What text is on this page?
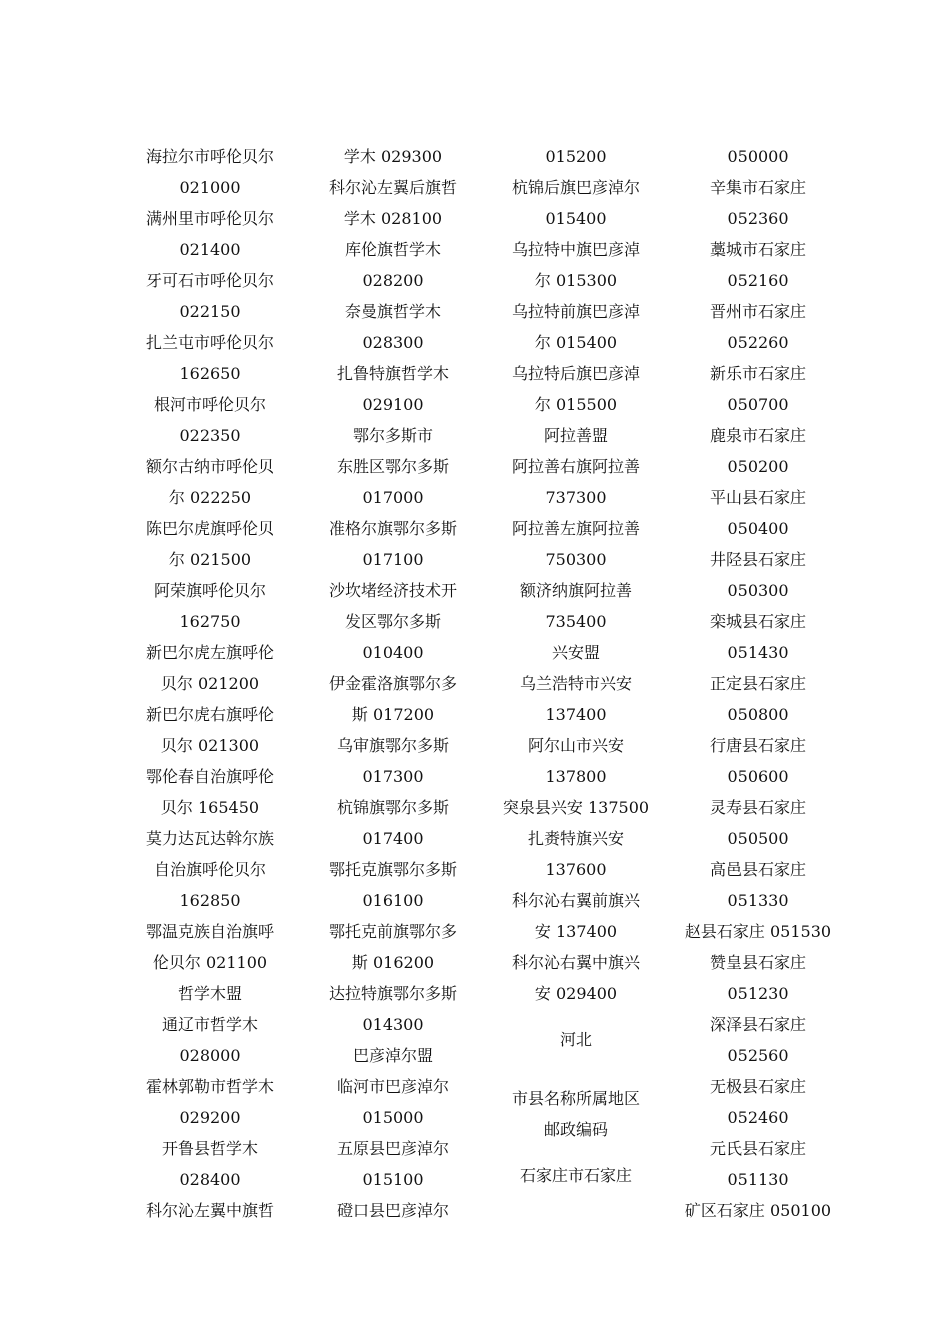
海拉尔市呼伦贝尔
021000
满州里市呼伦贝尔
021400
牙可石市呼伦贝尔
022150
扎兰屯市呼伦贝尔
162650
根河市呼伦贝尔
022350
额尔古纳市呼伦贝
尔 022250
陈巴尔虎旗呼伦贝
尔 021500
阿荣旗呼伦贝尔
162750
新巴尔虎左旗呼伦
贝尔 021200
新巴尔虎右旗呼伦
贝尔 021300
鄂伦春自治旗呼伦
贝尔 165450
莫力达瓦达斡尔族
自治旗呼伦贝尔
162850
鄂温克族自治旗呼
伦贝尔 021100
哲学木盟
通辽市哲学木
028000
霍林郭勒市哲学木
029200
开鲁县哲学木
028400
科尔沁左翼中旗哲
学木 029300
科尔沁左翼后旗哲
学木 028100
库伦旗哲学木
028200
奈曼旗哲学木
028300
扎鲁特旗哲学木
029100
鄂尔多斯市
东胜区鄂尔多斯
017000
准格尔旗鄂尔多斯
017100
沙坎堵经济技术开
发区鄂尔多斯
010400
伊金霍洛旗鄂尔多
斯 017200
乌审旗鄂尔多斯
017300
杭锦旗鄂尔多斯
017400
鄂托克旗鄂尔多斯
016100
鄂托克前旗鄂尔多
斯 016200
达拉特旗鄂尔多斯
014300
巴彦淖尔盟
临河市巴彦淖尔
015000
五原县巴彦淖尔
015100
磴口县巴彦淖尔
015200
杭锦后旗巴彦淖尔
015400
乌拉特中旗巴彦淖
尔 015300
乌拉特前旗巴彦淖
尔 015400
乌拉特后旗巴彦淖
尔 015500
阿拉善盟
阿拉善右旗阿拉善
737300
阿拉善左旗阿拉善
750300
额济纳旗阿拉善
735400
兴安盟
乌兰浩特市兴安
137400
阿尔山市兴安
137800
突泉县兴安 137500
扎赉特旗兴安
137600
科尔沁右翼前旗兴
安 137400
科尔沁右翼中旗兴
安 029400
河北
市县名称所属地区
邮政编码
石家庄市石家庄
050000
辛集市石家庄
052360
藁城市石家庄
052160
晋州市石家庄
052260
新乐市石家庄
050700
鹿泉市石家庄
050200
平山县石家庄
050400
井陉县石家庄
050300
栾城县石家庄
051430
正定县石家庄
050800
行唐县石家庄
050600
灵寿县石家庄
050500
高邑县石家庄
051330
赵县石家庄 051530
赞皇县石家庄
051230
深泽县石家庄
052560
无极县石家庄
052460
元氏县石家庄
051130
矿区石家庄 050100
